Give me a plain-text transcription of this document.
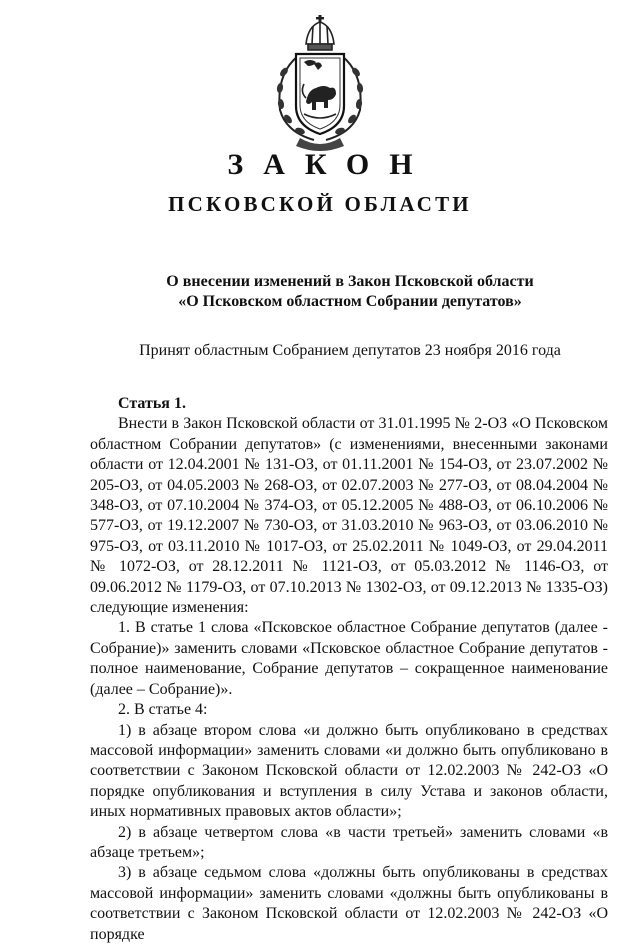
ЗАКОН
ПСКОВСКОЙ ОБЛАСТИ
О внесении изменений в Закон Псковской области
«О Псковском областном Собрании депутатов»
Принят областным Собранием депутатов 23 ноября 2016 года

Статья 1.

Внести в Закон Псковской области от 31.01.1995 № 2-ОЗ «О Псковском областном Собрании депутатов» (с изменениями, внесенными законами области от 12.04.2001 № 131-ОЗ, от 01.11.2001 № 154-ОЗ, от 23.07.2002 № 205-ОЗ, от 04.05.2003 № 268-ОЗ, от 02.07.2003 № 277-ОЗ, от 08.04.2004 № 348-ОЗ, от 07.10.2004 № 374-ОЗ, от 05.12.2005 № 488-ОЗ, от 06.10.2006 № 577-ОЗ, от 19.12.2007 № 730-ОЗ, от 31.03.2010 № 963-ОЗ, от 03.06.2010 № 975-ОЗ, от 03.11.2010 № 1017-ОЗ, от 25.02.2011 № 1049-ОЗ, от 29.04.2011 № 1072-ОЗ, от 28.12.2011 № 1121-ОЗ, от 05.03.2012 № 1146-ОЗ, от 09.06.2012 № 1179-ОЗ, от 07.10.2013 № 1302-ОЗ, от 09.12.2013 № 1335-ОЗ) следующие изменения:

1. В статье 1 слова «Псковское областное Собрание депутатов (далее - Собрание)» заменить словами «Псковское областное Собрание депутатов - полное наименование, Собрание депутатов – сокращенное наименование (далее – Собрание)».

2. В статье 4:

1) в абзаце втором слова «и должно быть опубликовано в средствах массовой информации» заменить словами «и должно быть опубликовано в соответствии с Законом Псковской области от 12.02.2003 № 242-ОЗ «О порядке опубликования и вступления в силу Устава и законов области, иных нормативных правовых актов области»;

2) в абзаце четвертом слова «в части третьей» заменить словами «в абзаце третьем»;

3) в абзаце седьмом слова «должны быть опубликованы в средствах массовой информации» заменить словами «должны быть опубликованы в соответствии с Законом Псковской области от 12.02.2003 № 242-ОЗ «О порядке
